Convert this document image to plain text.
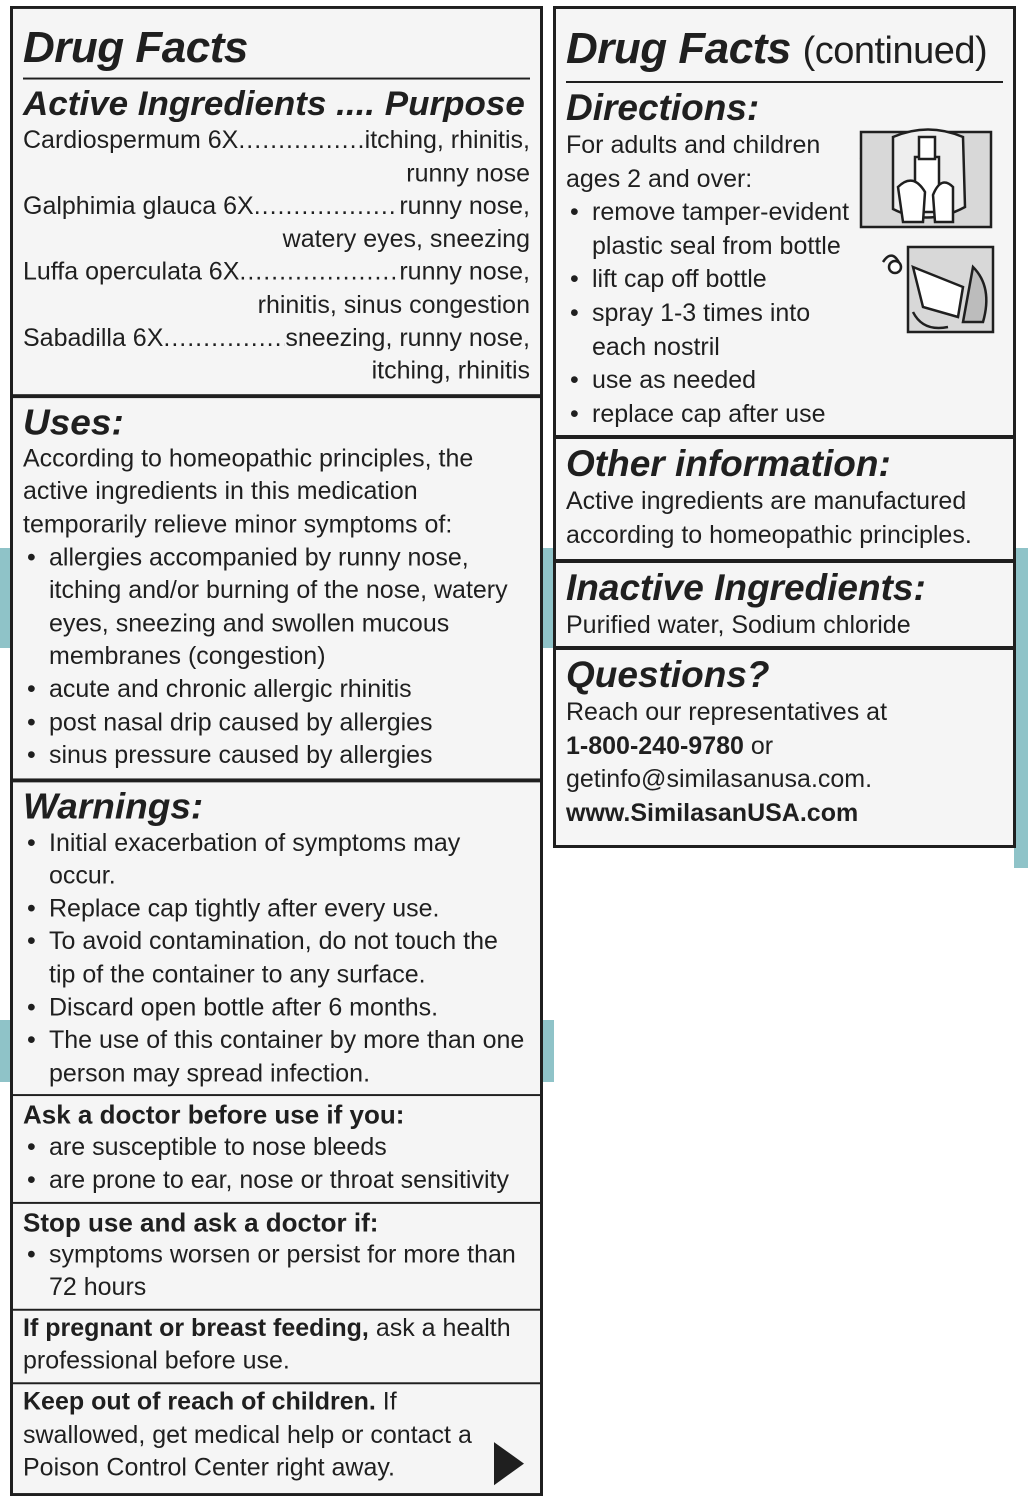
Drug Facts
Active Ingredients .... Purpose
Cardiospermum 6X .....	itching, rhinitis,
runny nose
Galphimia glauca 6X .....	runny nose,
watery eyes, sneezing
Luffa operculata 6X .....	runny nose,
rhinitis, sinus congestion
Sabadilla 6X .....	sneezing, runny nose,
itching, rhinitis
Uses:
According to homeopathic principles, the active ingredients in this medication temporarily relieve minor symptoms of:
• allergies accompanied by runny nose, itching and/or burning of the nose, watery eyes, sneezing and swollen mucous membranes (congestion)
• acute and chronic allergic rhinitis
• post nasal drip caused by allergies
• sinus pressure caused by allergies
Warnings:
• Initial exacerbation of symptoms may occur.
• Replace cap tightly after every use.
• To avoid contamination, do not touch the tip of the container to any surface.
• Discard open bottle after 6 months.
• The use of this container by more than one person may spread infection.
Ask a doctor before use if you:
• are susceptible to nose bleeds
• are prone to ear, nose or throat sensitivity
Stop use and ask a doctor if:
• symptoms worsen or persist for more than 72 hours
If pregnant or breast feeding, ask a health professional before use.
Keep out of reach of children. If swallowed, get medical help or contact a Poison Control Center right away.
Drug Facts (continued)
Directions:
For adults and children ages 2 and over:
• remove tamper-evident plastic seal from bottle
• lift cap off bottle
• spray 1-3 times into each nostril
• use as needed
• replace cap after use
Other information:
Active ingredients are manufactured according to homeopathic principles.
Inactive Ingredients:
Purified water, Sodium chloride
Questions?
Reach our representatives at
1-800-240-9780 or
getinfo@similasanusa.com.
www.SimilasanUSA.com
